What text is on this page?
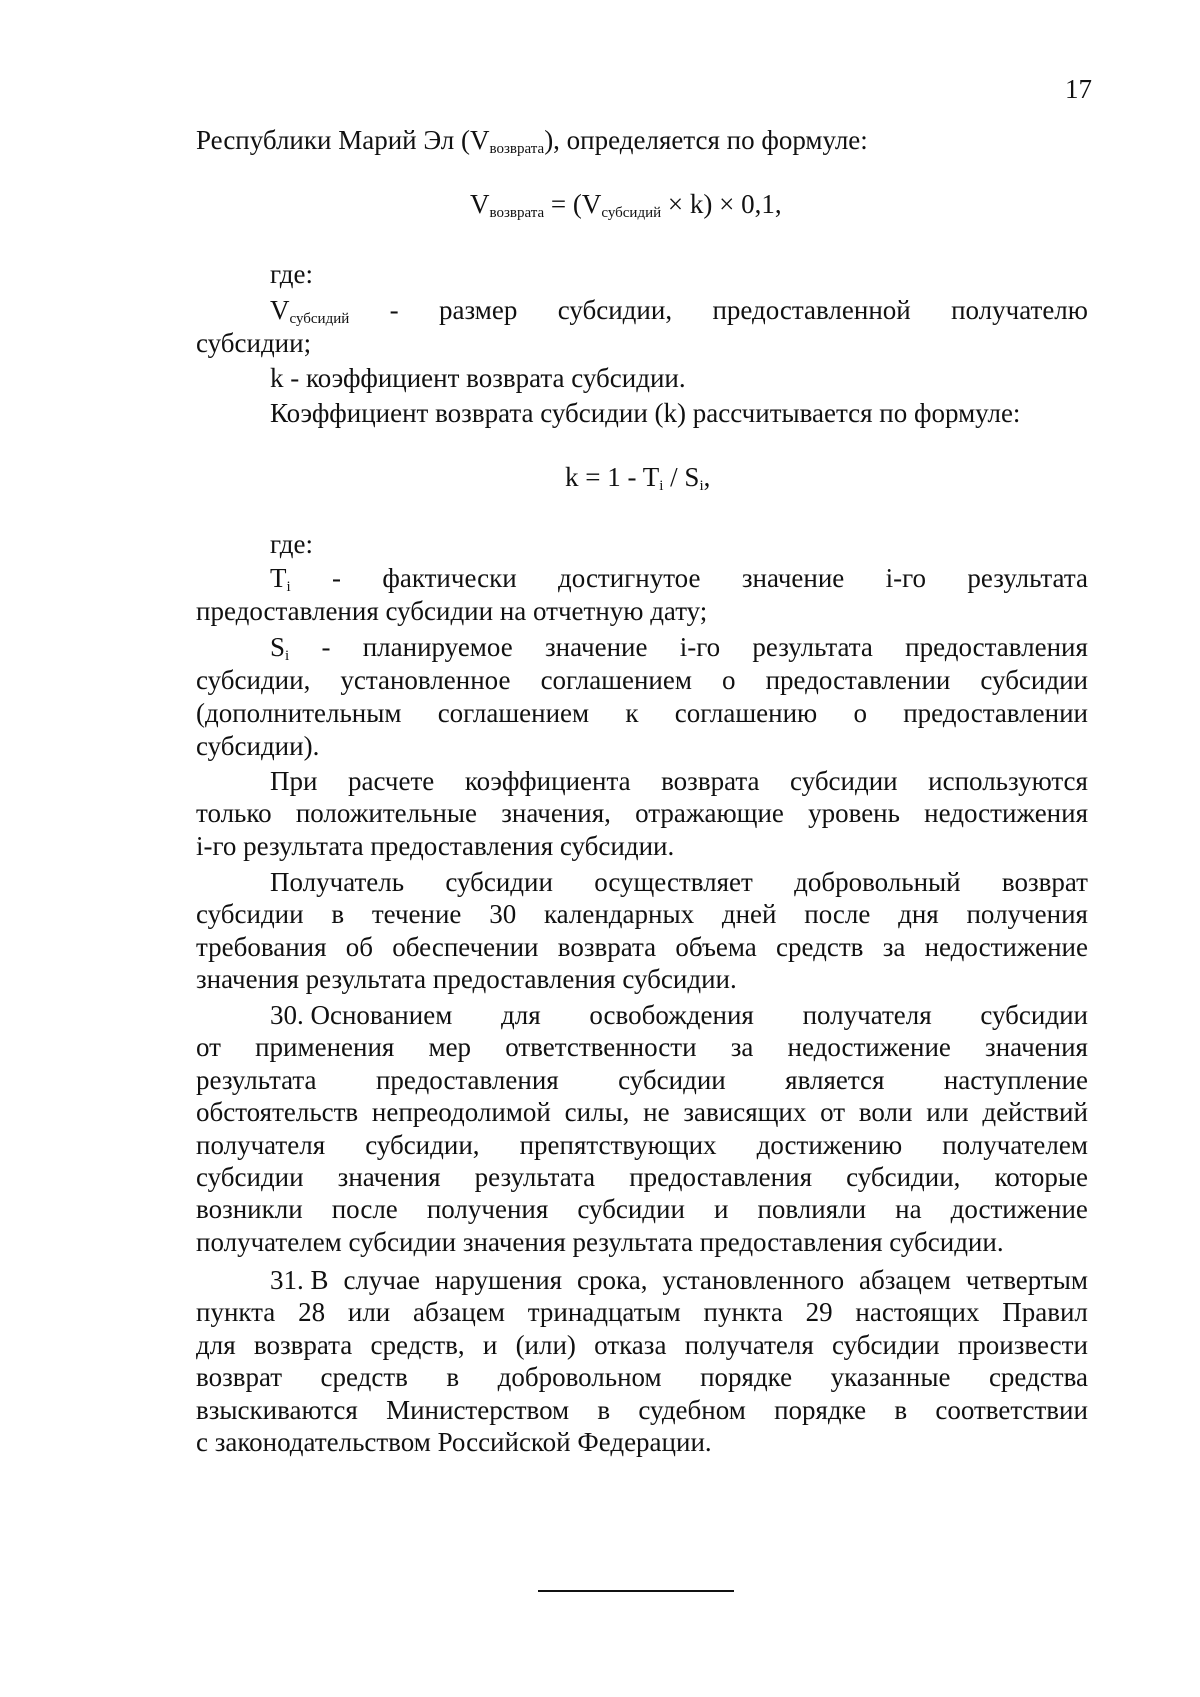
17
Республики Марий Эл $(V_{возврата})$, определяется по формуле:
$V_{возврата} = (V_{субсидий} \times k) \times 0,1$,
где:
$V_{субсидий}$ - размер субсидии, предоставленной получателю
субсидии;
k - коэффициент возврата субсидии.
Коэффициент возврата субсидии (k) рассчитывается по формуле:
$k = 1 - T_i / S_i$,
где:
$T_i$ - фактически достигнутое значение i-го результата
предоставления субсидии на отчетную дату;
$S_i$ - планируемое значение i-го результата предоставления
субсидии, установленное соглашением о предоставлении субсидии
(дополнительным соглашением к соглашению о предоставлении
субсидии).
При расчете коэффициента возврата субсидии используются
только положительные значения, отражающие уровень недостижения
i-го результата предоставления субсидии.
Получатель субсидии осуществляет добровольный возврат
субсидии в течение 30 календарных дней после дня получения
требования об обеспечении возврата объема средств за недостижение
значения результата предоставления субсидии.
30. Основанием для освобождения получателя субсидии
от применения мер ответственности за недостижение значения
результата предоставления субсидии является наступление
обстоятельств непреодолимой силы, не зависящих от воли или действий
получателя субсидии, препятствующих достижению получателем
субсидии значения результата предоставления субсидии, которые
возникли после получения субсидии и повлияли на достижение
получателем субсидии значения результата предоставления субсидии.
31. В случае нарушения срока, установленного абзацем четвертым
пункта 28 или абзацем тринадцатым пункта 29 настоящих Правил
для возврата средств, и (или) отказа получателя субсидии произвести
возврат средств в добровольном порядке указанные средства
взыскиваются Министерством в судебном порядке в соответствии
с законодательством Российской Федерации.
